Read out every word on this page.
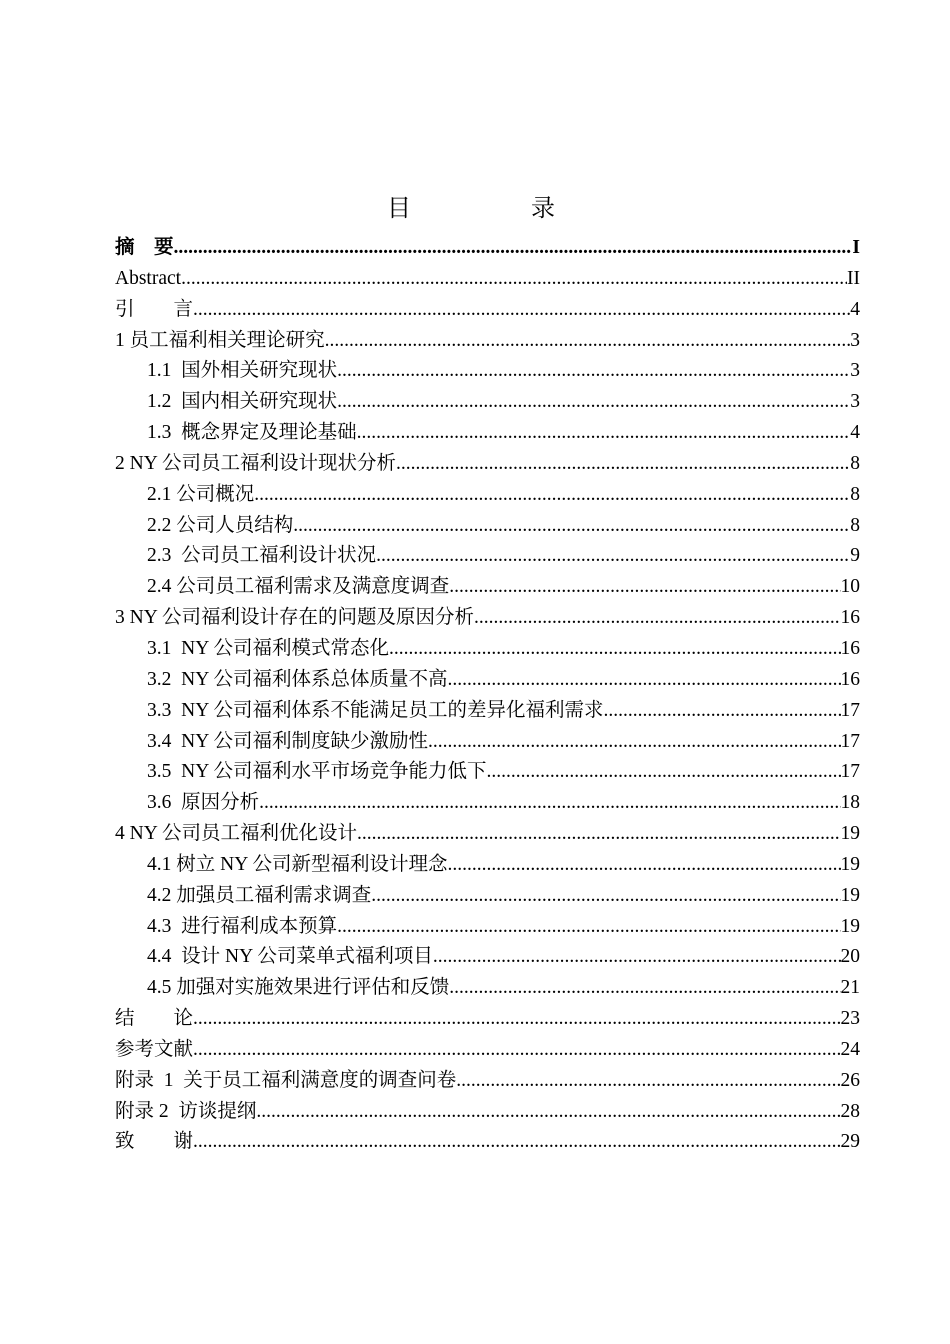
目　录
摘　要 .....	I
Abstract .....	II
引　　言 .....	4
1 员工福利相关理论研究 .....	3
1.1  国外相关研究现状 .....	3
1.2  国内相关研究现状 .....	3
1.3  概念界定及理论基础 .....	4
2 NY 公司员工福利设计现状分析 .....	8
2.1 公司概况 .....	8
2.2 公司人员结构 .....	8
2.3  公司员工福利设计状况 .....	9
2.4 公司员工福利需求及满意度调查 .....	10
3 NY 公司福利设计存在的问题及原因分析 .....	16
3.1  NY 公司福利模式常态化 .....	16
3.2  NY 公司福利体系总体质量不高 .....	16
3.3  NY 公司福利体系不能满足员工的差异化福利需求 .....	17
3.4  NY 公司福利制度缺少激励性 .....	17
3.5  NY 公司福利水平市场竞争能力低下 .....	17
3.6  原因分析 .....	18
4 NY 公司员工福利优化设计 .....	19
4.1 树立 NY 公司新型福利设计理念 .....	19
4.2 加强员工福利需求调查 .....	19
4.3  进行福利成本预算 .....	19
4.4  设计 NY 公司菜单式福利项目 .....	20
4.5 加强对实施效果进行评估和反馈 .....	21
结　　论 .....	23
参考文献 .....	24
附录  1  关于员工福利满意度的调查问卷 .....	26
附录 2  访谈提纲 .....	28
致　　谢 .....	29
